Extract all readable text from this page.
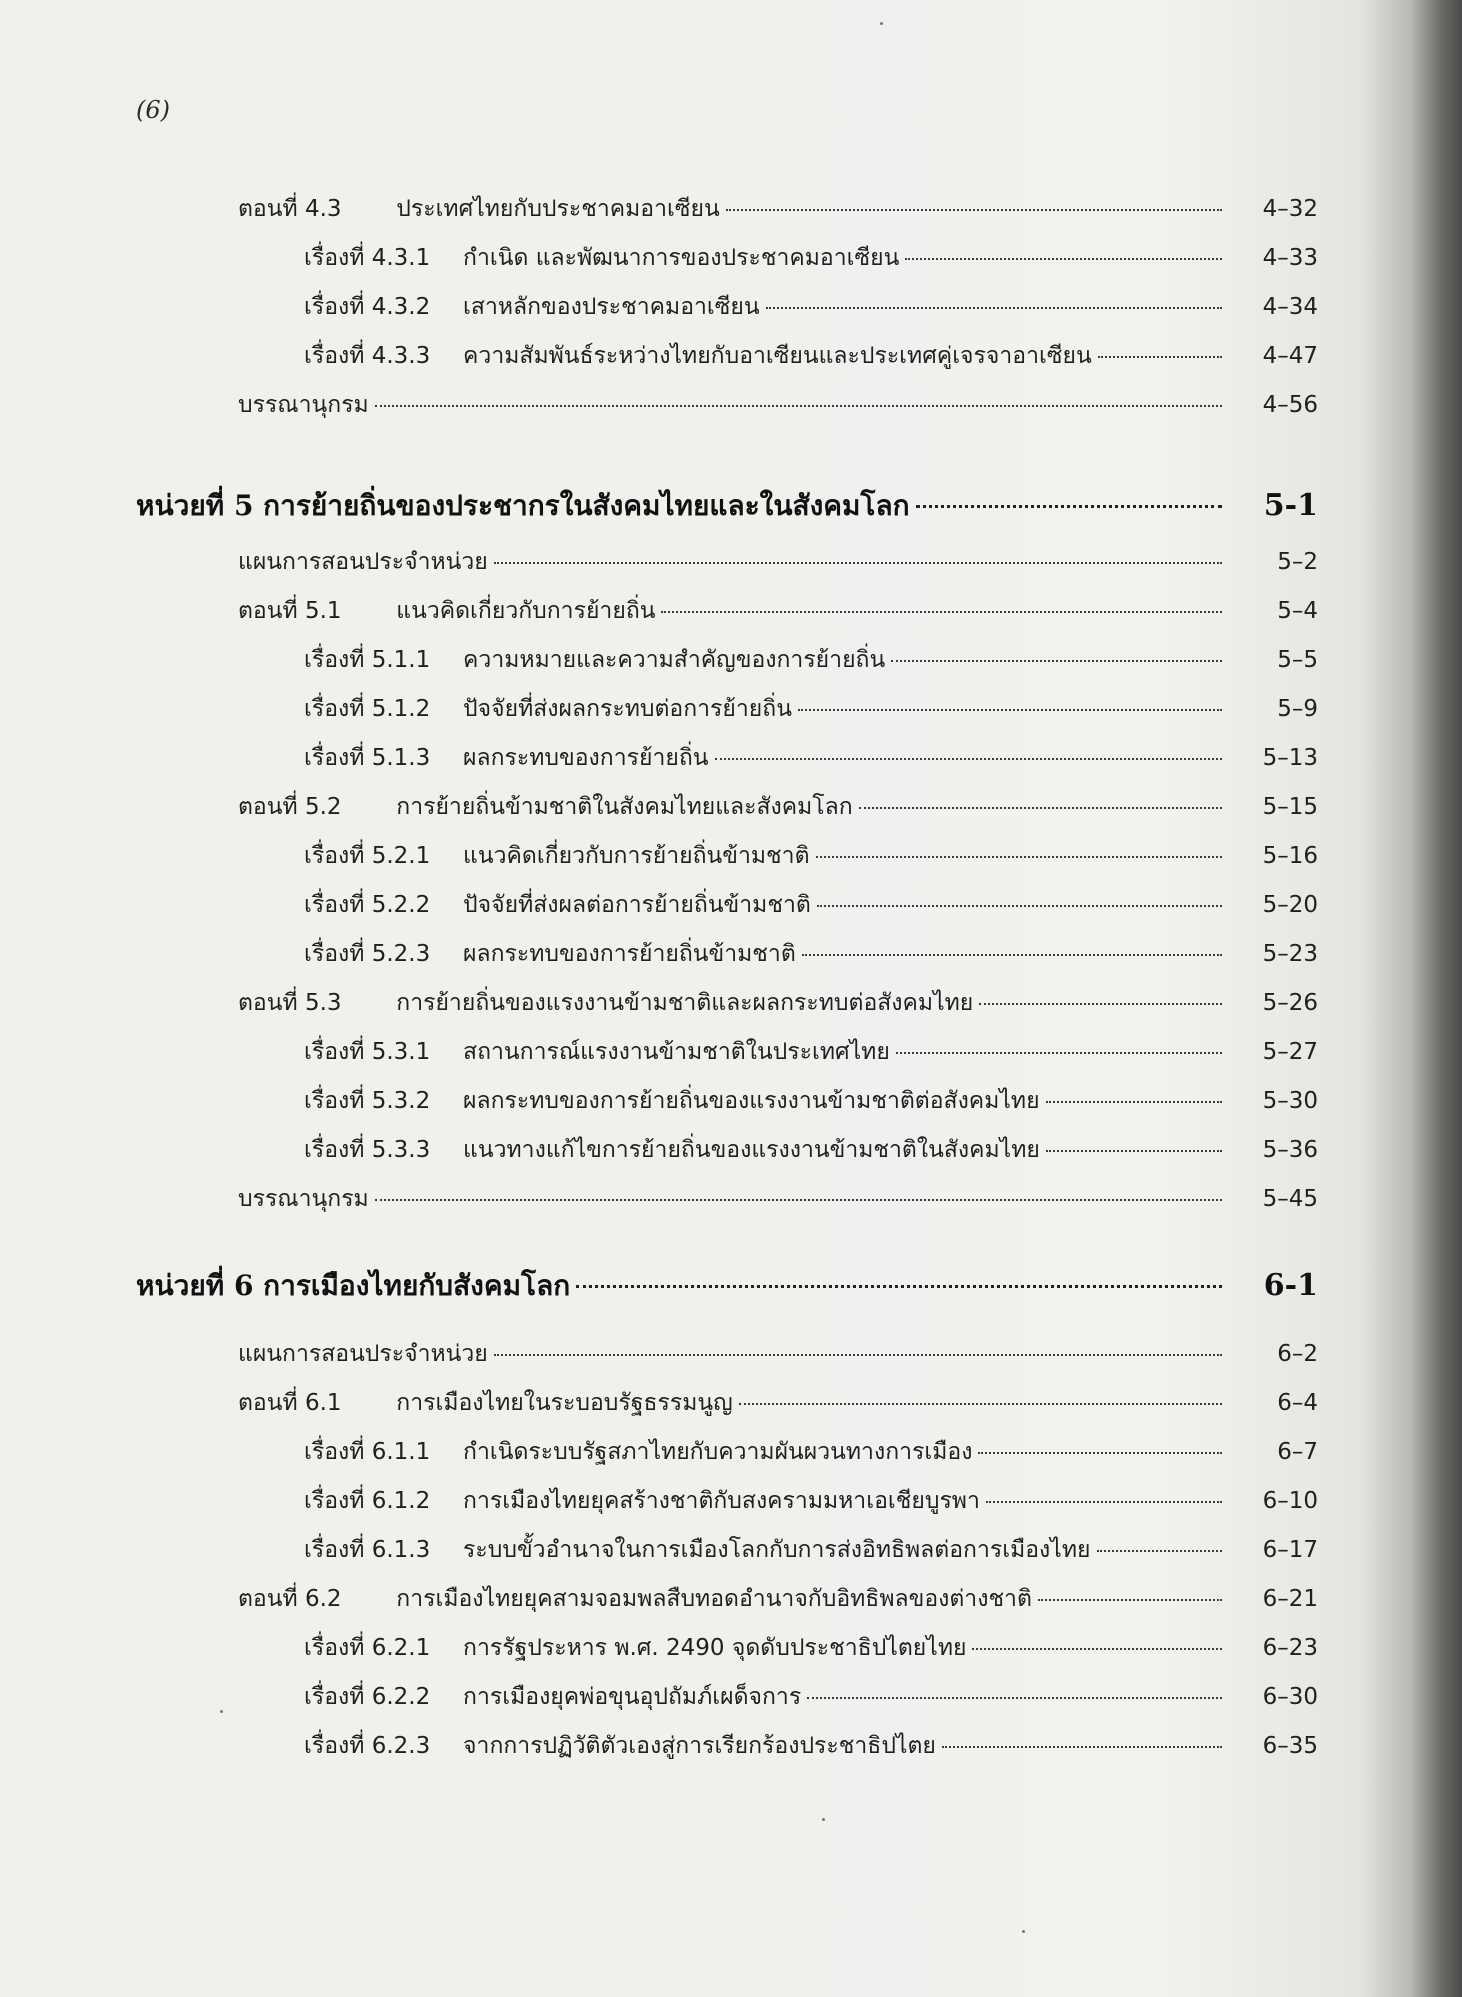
(6)
ตอนที่ 4.3 ประเทศไทยกับประชาคมอาเซียน	4–32
เรื่องที่ 4.3.1 กำเนิด และพัฒนาการของประชาคมอาเซียน	4–33
เรื่องที่ 4.3.2 เสาหลักของประชาคมอาเซียน	4–34
เรื่องที่ 4.3.3 ความสัมพันธ์ระหว่างไทยกับอาเซียนและประเทศคู่เจรจาอาเซียน	4–47
บรรณานุกรม	4–56
หน่วยที่ 5 การย้ายถิ่นของประชากรในสังคมไทยและในสังคมโลก	5-1
แผนการสอนประจำหน่วย	5–2
ตอนที่ 5.1 แนวคิดเกี่ยวกับการย้ายถิ่น	5–4
เรื่องที่ 5.1.1 ความหมายและความสำคัญของการย้ายถิ่น	5–5
เรื่องที่ 5.1.2 ปัจจัยที่ส่งผลกระทบต่อการย้ายถิ่น	5–9
เรื่องที่ 5.1.3 ผลกระทบของการย้ายถิ่น	5–13
ตอนที่ 5.2 การย้ายถิ่นข้ามชาติในสังคมไทยและสังคมโลก	5–15
เรื่องที่ 5.2.1 แนวคิดเกี่ยวกับการย้ายถิ่นข้ามชาติ	5–16
เรื่องที่ 5.2.2 ปัจจัยที่ส่งผลต่อการย้ายถิ่นข้ามชาติ	5–20
เรื่องที่ 5.2.3 ผลกระทบของการย้ายถิ่นข้ามชาติ	5–23
ตอนที่ 5.3 การย้ายถิ่นของแรงงานข้ามชาติและผลกระทบต่อสังคมไทย	5–26
เรื่องที่ 5.3.1 สถานการณ์แรงงานข้ามชาติในประเทศไทย	5–27
เรื่องที่ 5.3.2 ผลกระทบของการย้ายถิ่นของแรงงานข้ามชาติต่อสังคมไทย	5–30
เรื่องที่ 5.3.3 แนวทางแก้ไขการย้ายถิ่นของแรงงานข้ามชาติในสังคมไทย	5–36
บรรณานุกรม	5–45
หน่วยที่ 6 การเมืองไทยกับสังคมโลก	6-1
แผนการสอนประจำหน่วย	6–2
ตอนที่ 6.1 การเมืองไทยในระบอบรัฐธรรมนูญ	6–4
เรื่องที่ 6.1.1 กำเนิดระบบรัฐสภาไทยกับความผันผวนทางการเมือง	6–7
เรื่องที่ 6.1.2 การเมืองไทยยุคสร้างชาติกับสงครามมหาเอเชียบูรพา	6–10
เรื่องที่ 6.1.3 ระบบขั้วอำนาจในการเมืองโลกกับการส่งอิทธิพลต่อการเมืองไทย	6–17
ตอนที่ 6.2 การเมืองไทยยุคสามจอมพลสืบทอดอำนาจกับอิทธิพลของต่างชาติ	6–21
เรื่องที่ 6.2.1 การรัฐประหาร พ.ศ. 2490 จุดดับประชาธิปไตยไทย	6–23
เรื่องที่ 6.2.2 การเมืองยุคพ่อขุนอุปถัมภ์เผด็จการ	6–30
เรื่องที่ 6.2.3 จากการปฏิวัติตัวเองสู่การเรียกร้องประชาธิปไตย	6–35
